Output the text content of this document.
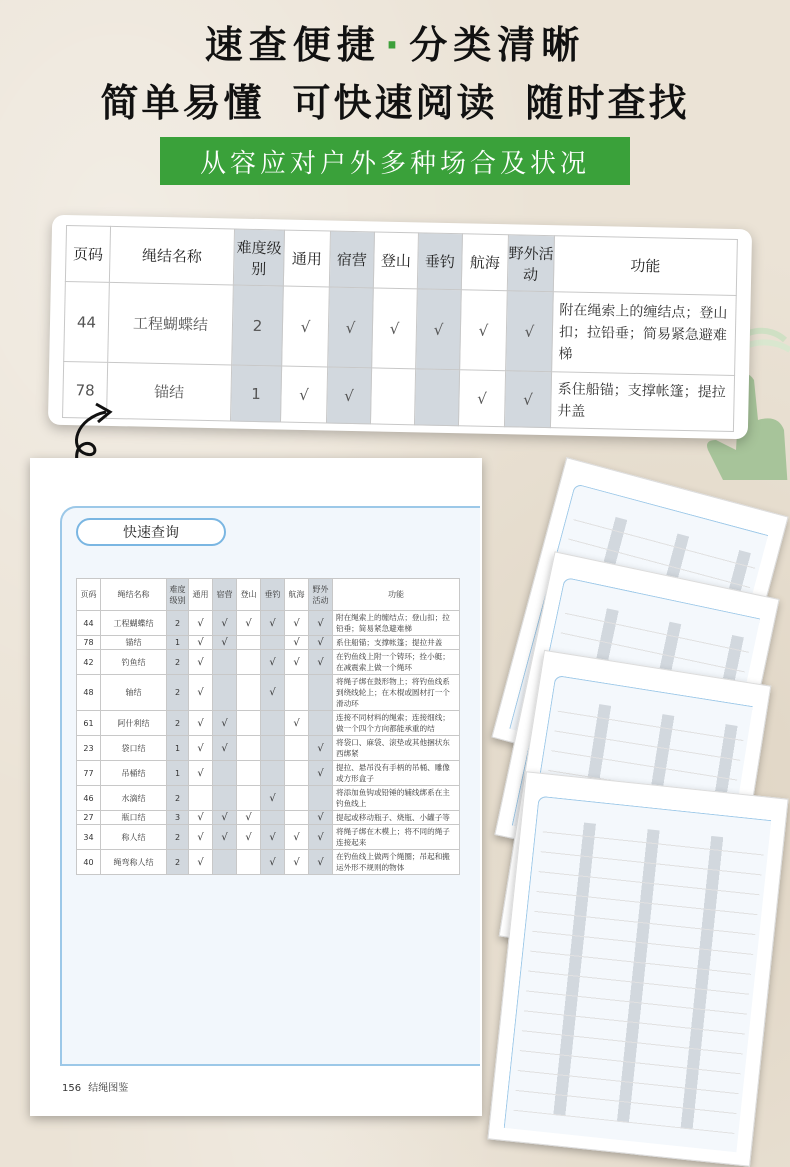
速查便捷 · 分类清晰
简单易懂 可快速阅读 随时查找
从容应对户外多种场合及状况
页码	绳结名称	难度级别	通用	宿营	登山	垂钓	航海	野外活动	功能
44	工程蝴蝶结	2	√	√	√	√	√	√	附在绳索上的缠结点；登山扣；拉铅垂；简易紧急避难梯
78	锚结	1	√	√			√	√	系住船锚；支撑帐篷；提拉井盖
快速查询
页码	绳结名称	难度级别	通用	宿营	登山	垂钓	航海	野外活动	功能
44	工程蝴蝶结	2	√	√	√	√	√	√	附在绳索上的缠结点；登山扣；拉铅垂；简易紧急避难梯
78	锚结	1	√	√			√	√	系住船锚；支撑帐篷；提拉井盖
42	钓鱼结	2	√			√	√	√	在钓鱼线上附一个铸环；拴小艇；在减震索上做一个绳环
48	轴结	2	√			√			将绳子绑在鼓形物上；将钓鱼线系到绕线轮上；在木棍或圆材打一个滑动环
61	阿什利结	2	√	√			√		连接不同材料的绳索；连接细线；做一个四个方向都能承重的结
23	袋口结	1	√	√				√	将袋口、麻袋、滚垫或其他捆状东西绑紧
77	吊桶结	1	√					√	提拉、悬吊没有手柄的吊桶、雕像或方形盒子
46	水滴结	2				√			将添加鱼钩或铅锤的辅线绑系在主钓鱼线上
27	瓶口结	3	√	√	√			√	提起或移动瓶子、烧瓶、小罐子等
34	称人结	2	√	√	√	√	√	√	将绳子绑在木模上；将不同的绳子连接起来
40	绳弯称人结	2	√			√	√	√	在钓鱼线上做两个绳圈；吊起和搬运外形不规则的物体
156 结绳图鉴
